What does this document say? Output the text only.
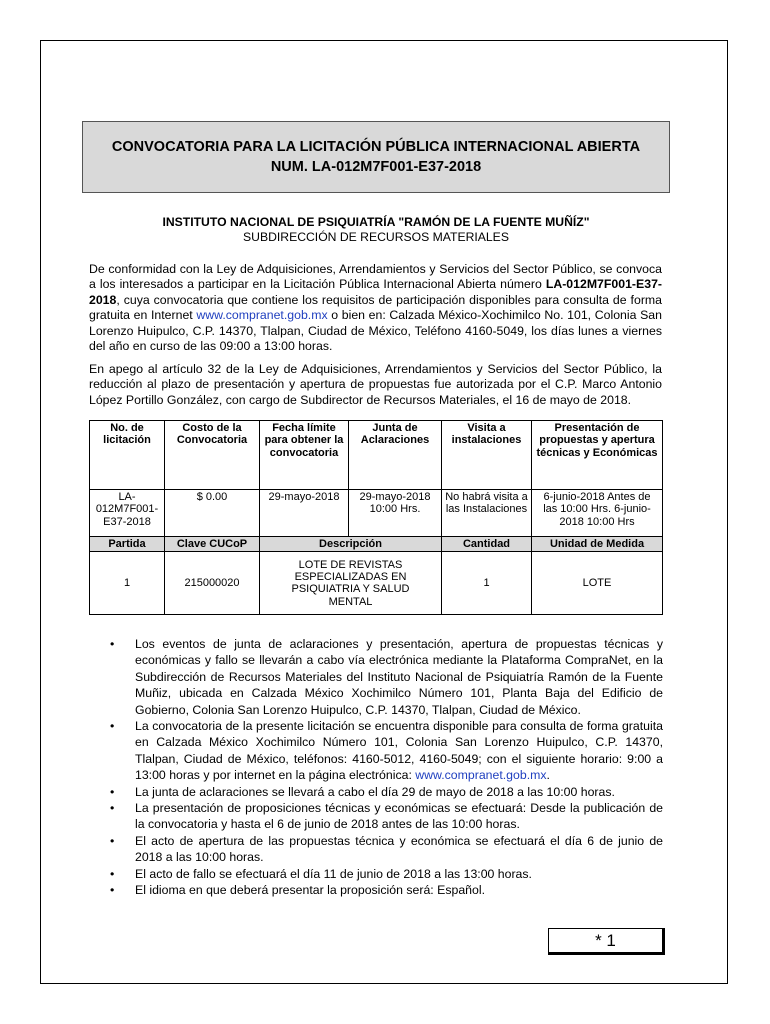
CONVOCATORIA PARA LA LICITACIÓN PÚBLICA INTERNACIONAL ABIERTA
NUM. LA-012M7F001-E37-2018
INSTITUTO NACIONAL DE PSIQUIATRÍA "RAMÓN DE LA FUENTE MUÑÍZ"
SUBDIRECCIÓN DE RECURSOS MATERIALES
De conformidad con la Ley de Adquisiciones, Arrendamientos y Servicios del Sector Público, se convoca a los interesados a participar en la Licitación Pública Internacional Abierta número LA-012M7F001-E37-2018, cuya convocatoria que contiene los requisitos de participación disponibles para consulta de forma gratuita en Internet www.compranet.gob.mx o bien en: Calzada México-Xochimilco No. 101, Colonia San Lorenzo Huipulco, C.P. 14370, Tlalpan, Ciudad de México, Teléfono 4160-5049, los días lunes a viernes del año en curso de las 09:00 a 13:00 horas.
En apego al artículo 32 de la Ley de Adquisiciones, Arrendamientos y Servicios del Sector Público, la reducción al plazo de presentación y apertura de propuestas fue autorizada por el C.P. Marco Antonio López Portillo González, con cargo de Subdirector de Recursos Materiales, el 16 de mayo de 2018.
No. de licitación	Costo de la Convocatoria	Fecha límite para obtener la convocatoria	Junta de Aclaraciones	Visita a instalaciones	Presentación de propuestas y apertura técnicas y Económicas
LA-012M7F001-E37-2018	$ 0.00	29-mayo-2018	29-mayo-2018 10:00 Hrs.	No habrá visita a las Instalaciones	6-junio-2018 Antes de las 10:00 Hrs. 6-junio-2018 10:00 Hrs
Partida	Clave CUCoP	Descripción		Cantidad	Unidad de Medida
1	215000020	LOTE DE REVISTAS ESPECIALIZADAS EN PSIQUIATRIA Y SALUD MENTAL		1	LOTE
• Los eventos de junta de aclaraciones y presentación, apertura de propuestas técnicas y económicas y fallo se llevarán a cabo vía electrónica mediante la Plataforma CompraNet, en la Subdirección de Recursos Materiales del Instituto Nacional de Psiquiatría Ramón de la Fuente Muñiz, ubicada en Calzada México Xochimilco Número 101, Planta Baja del Edificio de Gobierno, Colonia San Lorenzo Huipulco, C.P. 14370, Tlalpan, Ciudad de México.
• La convocatoria de la presente licitación se encuentra disponible para consulta de forma gratuita en Calzada México Xochimilco Número 101, Colonia San Lorenzo Huipulco, C.P. 14370, Tlalpan, Ciudad de México, teléfonos: 4160-5012, 4160-5049; con el siguiente horario: 9:00 a 13:00 horas y por internet en la página electrónica: www.compranet.gob.mx.
• La junta de aclaraciones se llevará a cabo el día 29 de mayo de 2018 a las 10:00 horas.
• La presentación de proposiciones técnicas y económicas se efectuará: Desde la publicación de la convocatoria y hasta el 6 de junio de 2018 antes de las 10:00 horas.
• El acto de apertura de las propuestas técnica y económica se efectuará el día 6 de junio de 2018 a las 10:00 horas.
• El acto de fallo se efectuará el día 11 de junio de 2018 a las 13:00 horas.
• El idioma en que deberá presentar la proposición será: Español.
* 1
